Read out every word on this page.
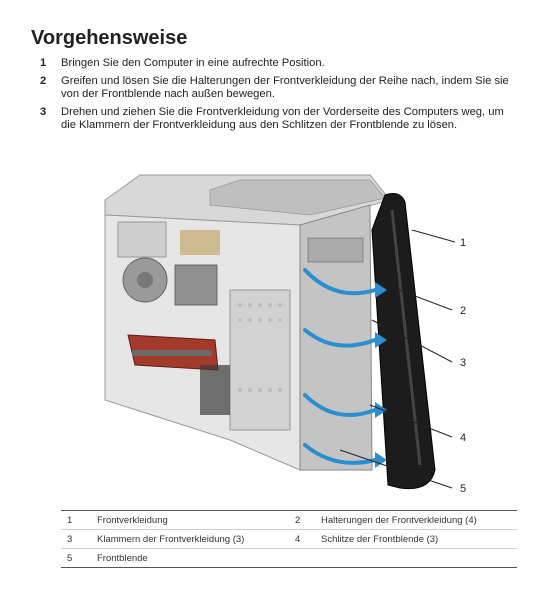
Vorgehensweise
1	Bringen Sie den Computer in eine aufrechte Position.
2	Greifen und lösen Sie die Halterungen der Frontverkleidung der Reihe nach, indem Sie sie von der Frontblende nach außen bewegen.
3	Drehen und ziehen Sie die Frontverkleidung von der Vorderseite des Computers weg, um die Klammern der Frontverkleidung aus den Schlitzen der Frontblende zu lösen.
1
2
3
4
5
1	Frontverkleidung	2	Halterungen der Frontverkleidung (4)
3	Klammern der Frontverkleidung (3)	4	Schlitze der Frontblende (3)
5	Frontblende		
